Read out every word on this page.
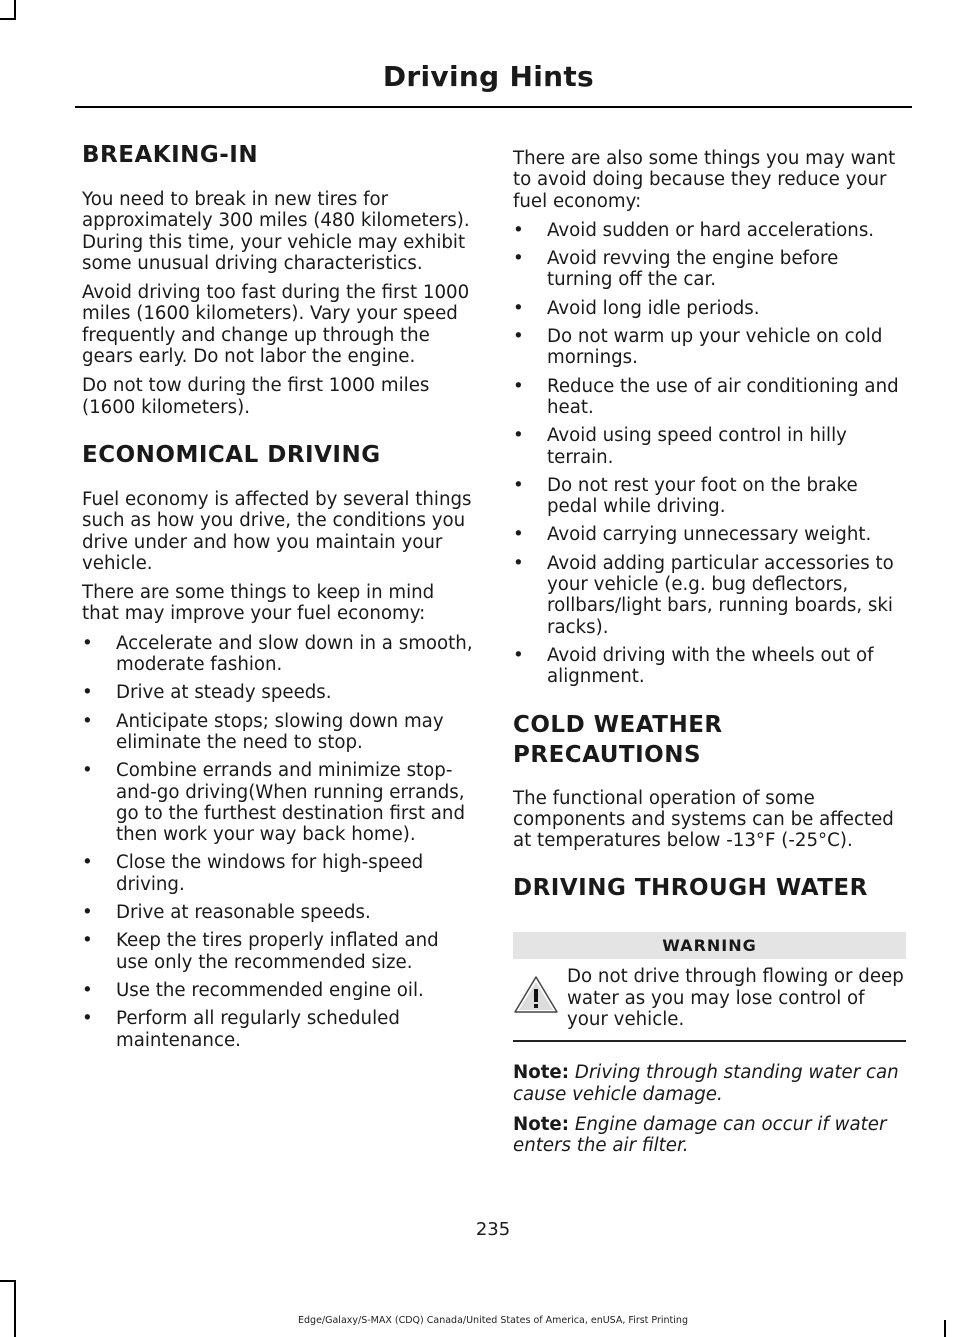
Driving Hints
BREAKING-IN

You need to break in new tires for approximately 300 miles (480 kilometers). During this time, your vehicle may exhibit some unusual driving characteristics.

Avoid driving too fast during the first 1000 miles (1600 kilometers). Vary your speed frequently and change up through the gears early. Do not labor the engine.

Do not tow during the first 1000 miles (1600 kilometers).

ECONOMICAL DRIVING

Fuel economy is affected by several things such as how you drive, the conditions you drive under and how you maintain your vehicle.

There are some things to keep in mind that may improve your fuel economy:

• Accelerate and slow down in a smooth, moderate fashion.
• Drive at steady speeds.
• Anticipate stops; slowing down may eliminate the need to stop.
• Combine errands and minimize stop-and-go driving(When running errands, go to the furthest destination first and then work your way back home).
• Close the windows for high-speed driving.
• Drive at reasonable speeds.
• Keep the tires properly inflated and use only the recommended size.
• Use the recommended engine oil.
• Perform all regularly scheduled maintenance.

There are also some things you may want to avoid doing because they reduce your fuel economy:

• Avoid sudden or hard accelerations.
• Avoid revving the engine before turning off the car.
• Avoid long idle periods.
• Do not warm up your vehicle on cold mornings.
• Reduce the use of air conditioning and heat.
• Avoid using speed control in hilly terrain.
• Do not rest your foot on the brake pedal while driving.
• Avoid carrying unnecessary weight.
• Avoid adding particular accessories to your vehicle (e.g. bug deflectors, rollbars/light bars, running boards, ski racks).
• Avoid driving with the wheels out of alignment.
COLD WEATHER
PRECAUTIONS

The functional operation of some components and systems can be affected at temperatures below -13°F (-25°C).

DRIVING THROUGH WATER
WARNING

Do not drive through flowing or deep water as you may lose control of your vehicle.

Note: Driving through standing water can cause vehicle damage.

Note: Engine damage can occur if water enters the air filter.

235
Edge/Galaxy/S-MAX (CDQ) Canada/United States of America, enUSA, First Printing
